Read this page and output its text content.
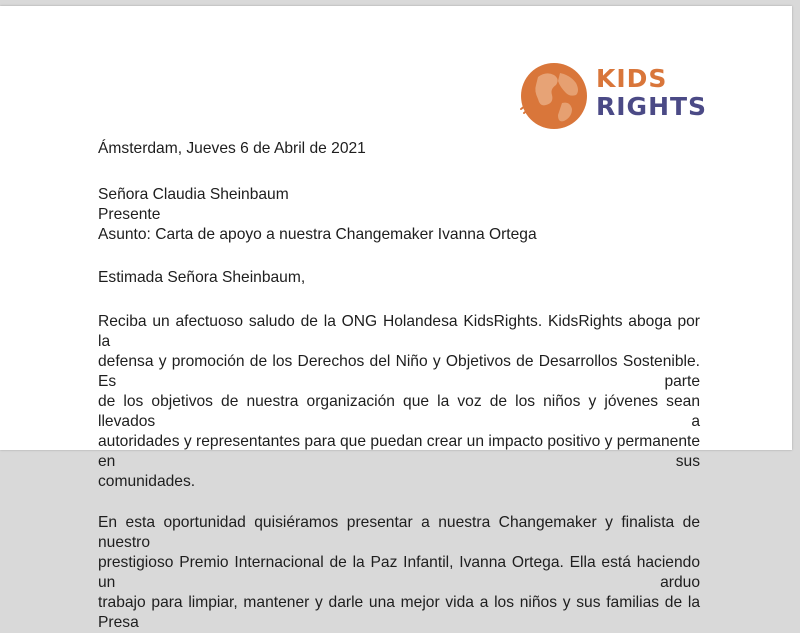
KIDS
RIGHTS

Ámsterdam, Jueves 6 de Abril de 2021

Señora Claudia Sheinbaum

Presente

Asunto: Carta de apoyo a nuestra Changemaker Ivanna Ortega

Estimada Señora Sheinbaum,

Reciba un afectuoso saludo de la ONG Holandesa KidsRights. KidsRights aboga por la
defensa y promoción de los Derechos del Niño y Objetivos de Desarrollos Sostenible. Es parte
de los objetivos de nuestra organización que la voz de los niños y jóvenes sean llevados a
autoridades y representantes para que puedan crear un impacto positivo y permanente en sus
comunidades.
En esta oportunidad quisiéramos presentar a nuestra Changemaker y finalista de nuestro
prestigioso Premio Internacional de la Paz Infantil, Ivanna Ortega. Ella está haciendo un arduo
trabajo para limpiar, mantener y darle una mejor vida a los niños y sus familias de la Presa
